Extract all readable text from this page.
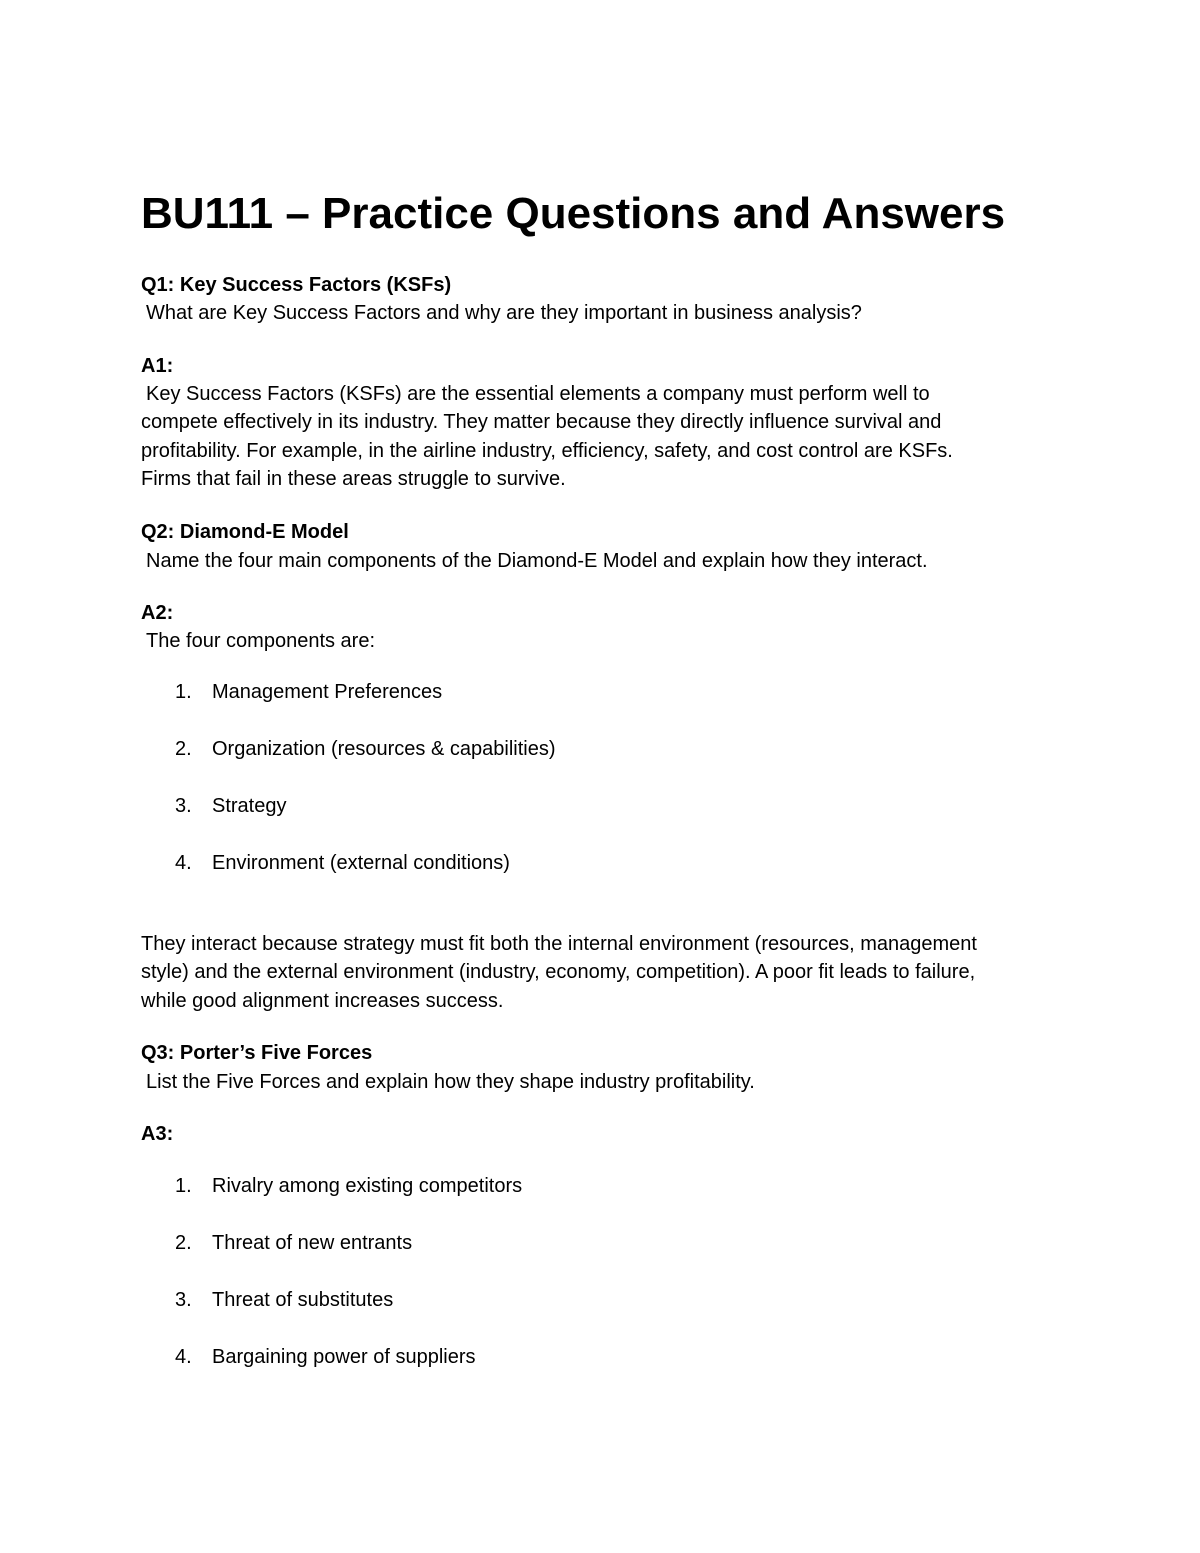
BU111 – Practice Questions and Answers
Q1: Key Success Factors (KSFs)
What are Key Success Factors and why are they important in business analysis?
A1:
Key Success Factors (KSFs) are the essential elements a company must perform well to
compete effectively in its industry. They matter because they directly influence survival and
profitability. For example, in the airline industry, efficiency, safety, and cost control are KSFs.
Firms that fail in these areas struggle to survive.
Q2: Diamond-E Model
Name the four main components of the Diamond-E Model and explain how they interact.
A2:
The four components are:
1. Management Preferences
2. Organization (resources & capabilities)
3. Strategy
4. Environment (external conditions)
They interact because strategy must fit both the internal environment (resources, management
style) and the external environment (industry, economy, competition). A poor fit leads to failure,
while good alignment increases success.
Q3: Porter’s Five Forces
List the Five Forces and explain how they shape industry profitability.
A3:
1. Rivalry among existing competitors
2. Threat of new entrants
3. Threat of substitutes
4. Bargaining power of suppliers
